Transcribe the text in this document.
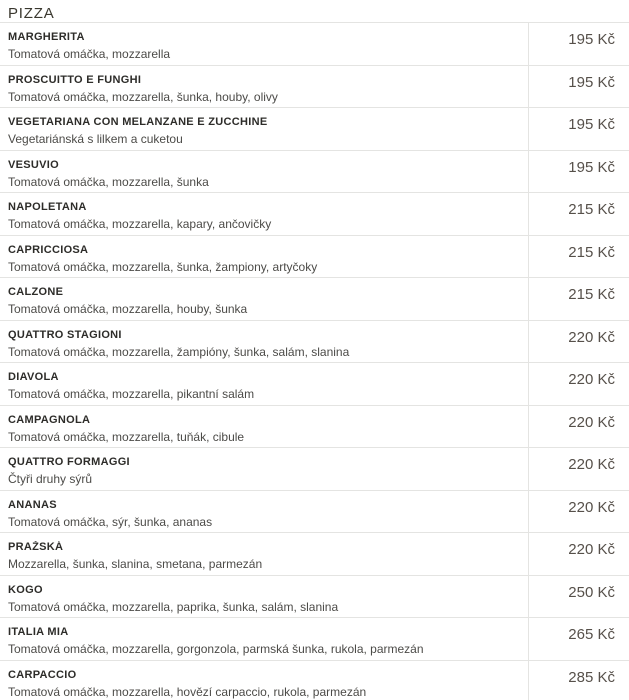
PIZZA
MARGHERITA
Tomatová omáčka, mozzarella
195 Kč
PROSCUITTO E FUNGHI
Tomatová omáčka, mozzarella, šunka, houby, olivy
195 Kč
VEGETARIANA CON MELANZANE E ZUCCHINE
Vegetariánská s lilkem a cuketou
195 Kč
VESUVIO
Tomatová omáčka, mozzarella, šunka
195 Kč
NAPOLETANA
Tomatová omáčka, mozzarella, kapary, ančovičky
215 Kč
CAPRICCIOSA
Tomatová omáčka, mozzarella, šunka, žampiony, artyčoky
215 Kč
CALZONE
Tomatová omáčka, mozzarella, houby, šunka
215 Kč
QUATTRO STAGIONI
Tomatová omáčka, mozzarella, žampióny, šunka, salám, slanina
220 Kč
DIAVOLA
Tomatová omáčka, mozzarella, pikantní salám
220 Kč
CAMPAGNOLA
Tomatová omáčka, mozzarella, tuňák, cibule
220 Kč
QUATTRO FORMAGGI
Čtyři druhy sýrů
220 Kč
ANANAS
Tomatová omáčka, sýr, šunka, ananas
220 Kč
PRAŽSKÁ
Mozzarella, šunka, slanina, smetana, parmezán
220 Kč
KOGO
Tomatová omáčka, mozzarella, paprika, šunka, salám, slanina
250 Kč
ITALIA MIA
Tomatová omáčka, mozzarella, gorgonzola, parmská šunka, rukola, parmezán
265 Kč
CARPACCIO
Tomatová omáčka, mozzarella, hovězí carpaccio, rukola, parmezán
285 Kč
